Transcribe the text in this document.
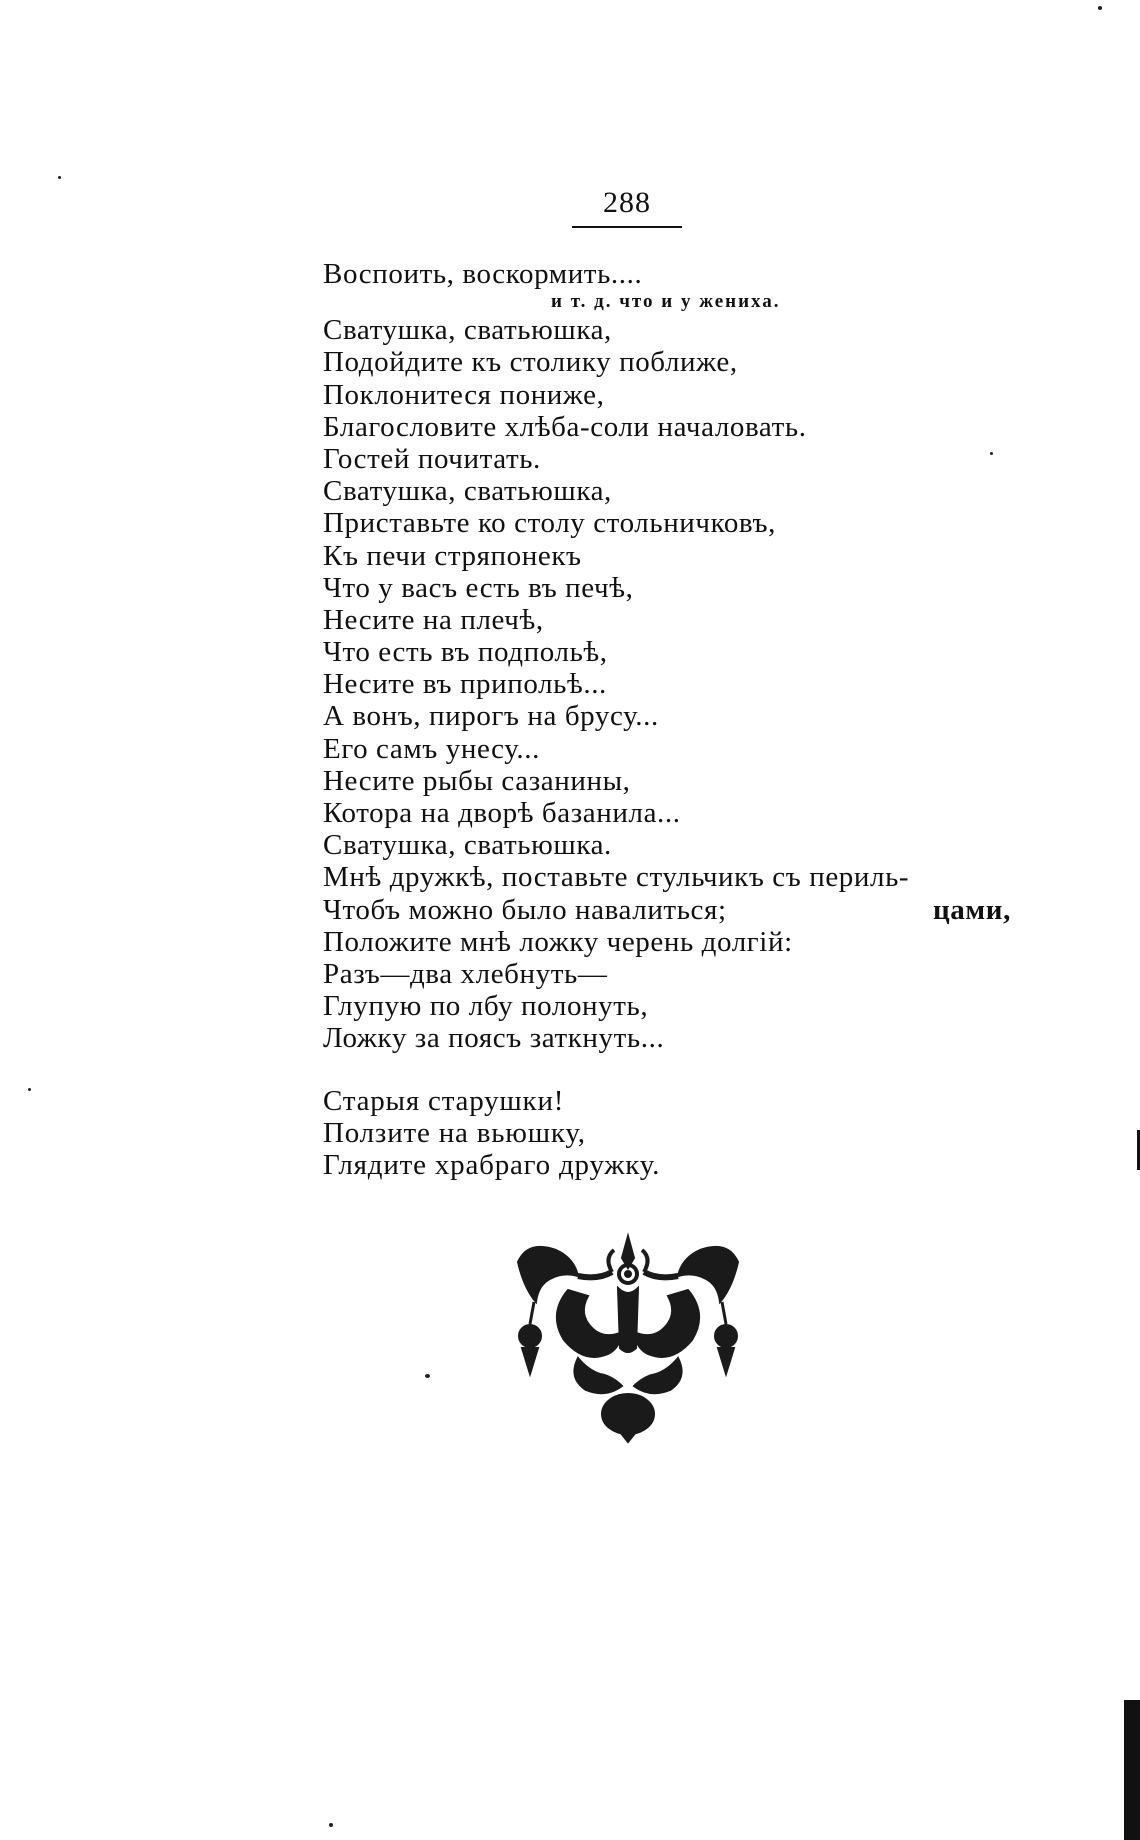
288
Воспоить, воскормить....
и т. д. что и у жениха.
Сватушка, сватьюшка,
Подойдите къ столику поближе,
Поклонитеся пониже,
Благословите хлѣба-соли началовать.
Гостей почитать.
Сватушка, сватьюшка,
Приставьте ко столу стольничковъ,
Къ печи стряпонекъ
Что у васъ есть въ печѣ,
Несите на плечѣ,
Что есть въ подпольѣ,
Несите въ припольѣ...
А вонъ, пирогъ на брусу...
Его самъ унесу...
Несите рыбы сазанины,
Котора на дворѣ базанила...
Сватушка, сватьюшка.
Мнѣ дружкѣ, поставьте стульчикъ съ периль-
Чтобъ можно было навалиться;	цами,
Положите мнѣ ложку черень долгій:
Разъ—два хлебнуть—
Глупую по лбу полонуть,
Ложку за поясъ заткнуть...
Старыя старушки!
Ползите на вьюшку,
Глядите храбраго дружку.
